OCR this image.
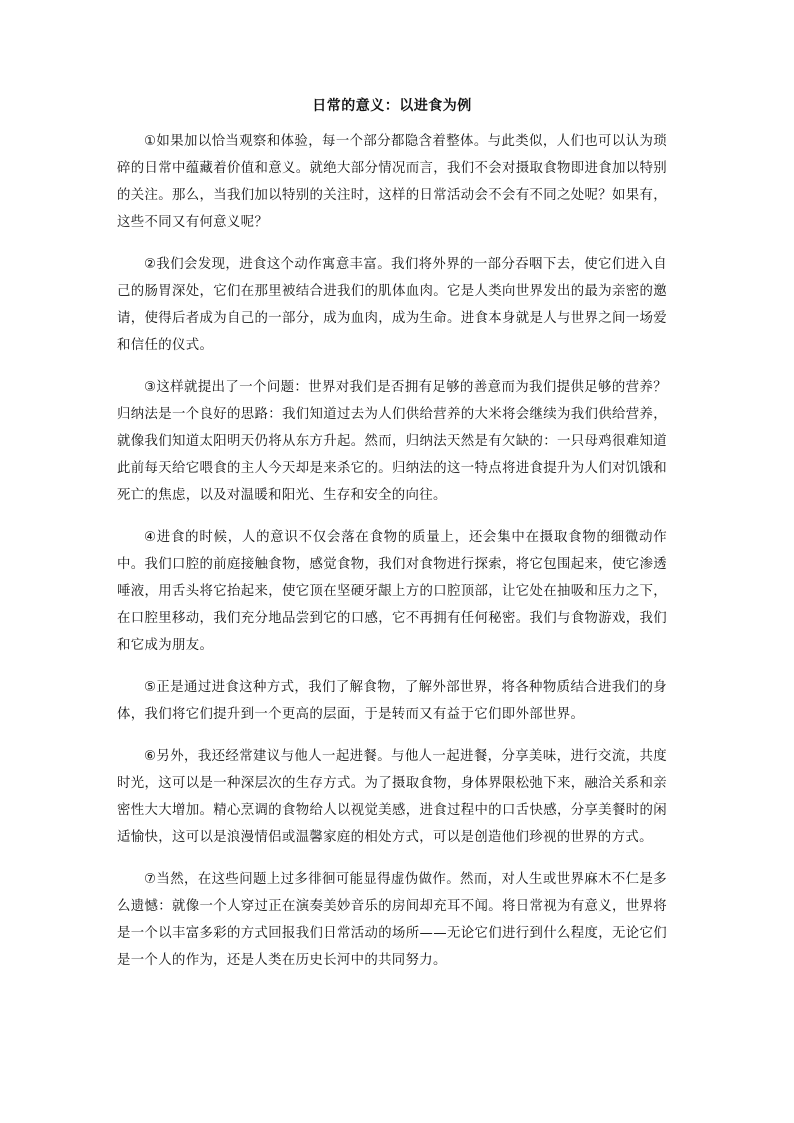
日常的意义：以进食为例

①如果加以恰当观察和体验，每一个部分都隐含着整体。与此类似，人们也可以认为琐碎的日常中蕴藏着价值和意义。就绝大部分情况而言，我们不会对摄取食物即进食加以特别的关注。那么，当我们加以特别的关注时，这样的日常活动会不会有不同之处呢？如果有，这些不同又有何意义呢？

②我们会发现，进食这个动作寓意丰富。我们将外界的一部分吞咽下去，使它们进入自己的肠胃深处，它们在那里被结合进我们的肌体血肉。它是人类向世界发出的最为亲密的邀请，使得后者成为自己的一部分，成为血肉，成为生命。进食本身就是人与世界之间一场爱和信任的仪式。

③这样就提出了一个问题：世界对我们是否拥有足够的善意而为我们提供足够的营养？归纳法是一个良好的思路：我们知道过去为人们供给营养的大米将会继续为我们供给营养，就像我们知道太阳明天仍将从东方升起。然而，归纳法天然是有欠缺的：一只母鸡很难知道此前每天给它喂食的主人今天却是来杀它的。归纳法的这一特点将进食提升为人们对饥饿和死亡的焦虑，以及对温暖和阳光、生存和安全的向往。

④进食的时候，人的意识不仅会落在食物的质量上，还会集中在摄取食物的细微动作中。我们口腔的前庭接触食物，感觉食物，我们对食物进行探索，将它包围起来，使它渗透唾液，用舌头将它抬起来，使它顶在坚硬牙龈上方的口腔顶部，让它处在抽吸和压力之下，在口腔里移动，我们充分地品尝到它的口感，它不再拥有任何秘密。我们与食物游戏，我们和它成为朋友。

⑤正是通过进食这种方式，我们了解食物，了解外部世界，将各种物质结合进我们的身体，我们将它们提升到一个更高的层面，于是转而又有益于它们即外部世界。

⑥另外，我还经常建议与他人一起进餐。与他人一起进餐，分享美味，进行交流，共度时光，这可以是一种深层次的生存方式。为了摄取食物，身体界限松弛下来，融洽关系和亲密性大大增加。精心烹调的食物给人以视觉美感，进食过程中的口舌快感，分享美餐时的闲适愉快，这可以是浪漫情侣或温馨家庭的相处方式，可以是创造他们珍视的世界的方式。

⑦当然，在这些问题上过多徘徊可能显得虚伪做作。然而，对人生或世界麻木不仁是多么遗憾：就像一个人穿过正在演奏美妙音乐的房间却充耳不闻。将日常视为有意义，世界将是一个以丰富多彩的方式回报我们日常活动的场所——无论它们进行到什么程度，无论它们是一个人的作为，还是人类在历史长河中的共同努力。
